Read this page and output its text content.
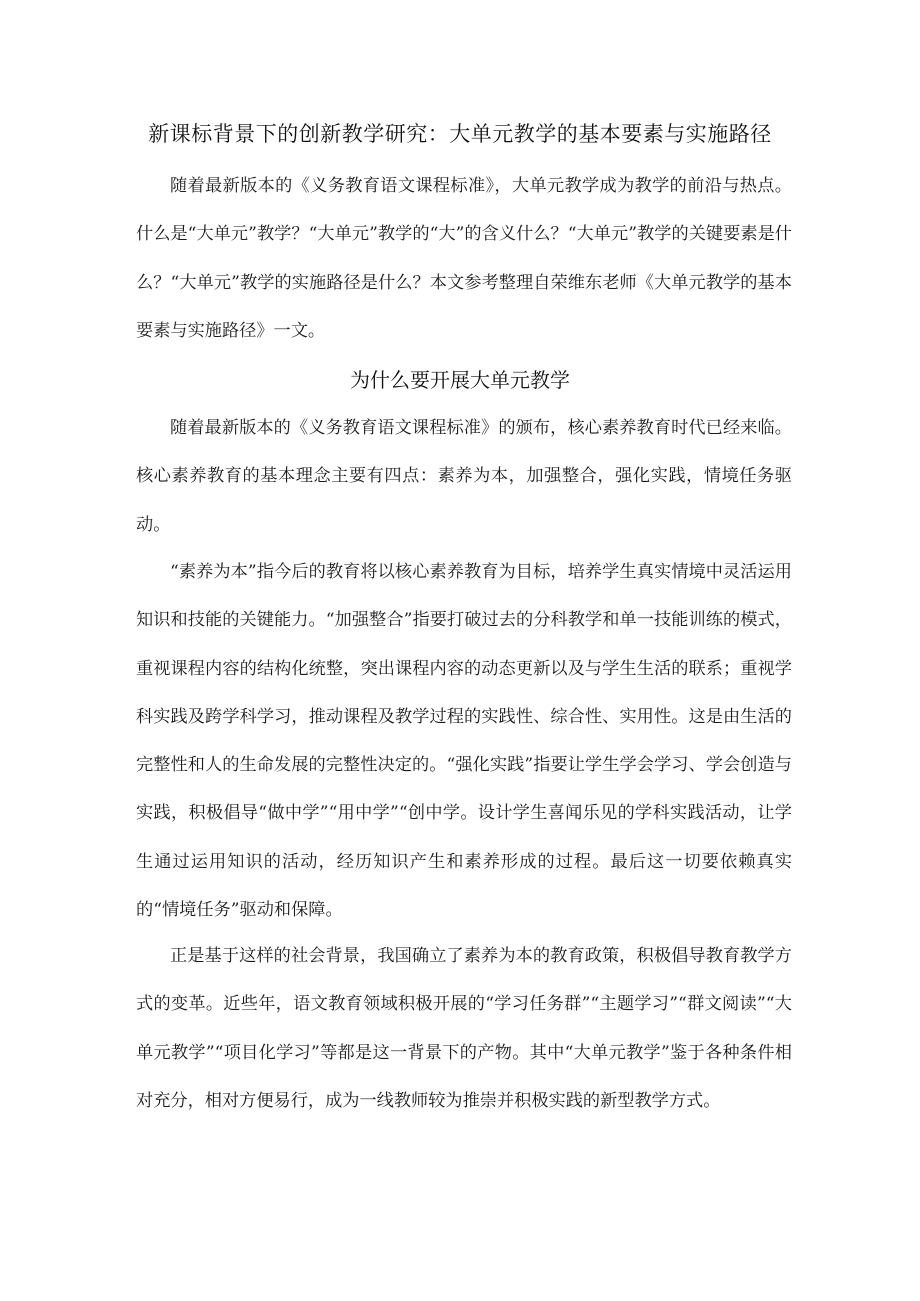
新课标背景下的创新教学研究：大单元教学的基本要素与实施路径

随着最新版本的《义务教育语文课程标准》，大单元教学成为教学的前沿与热点。什么是“大单元”教学？“大单元”教学的“大”的含义什么？“大单元”教学的关键要素是什么？“大单元”教学的实施路径是什么？本文参考整理自荣维东老师《大单元教学的基本要素与实施路径》一文。

为什么要开展大单元教学

随着最新版本的《义务教育语文课程标准》的颁布，核心素养教育时代已经来临。核心素养教育的基本理念主要有四点：素养为本，加强整合，强化实践，情境任务驱动。

“素养为本”指今后的教育将以核心素养教育为目标，培养学生真实情境中灵活运用知识和技能的关键能力。“加强整合”指要打破过去的分科教学和单一技能训练的模式，重视课程内容的结构化统整，突出课程内容的动态更新以及与学生生活的联系；重视学科实践及跨学科学习，推动课程及教学过程的实践性、综合性、实用性。这是由生活的完整性和人的生命发展的完整性决定的。“强化实践”指要让学生学会学习、学会创造与实践，积极倡导“做中学”“用中学”“创中学。设计学生喜闻乐见的学科实践活动，让学生通过运用知识的活动，经历知识产生和素养形成的过程。最后这一切要依赖真实的“情境任务”驱动和保障。

正是基于这样的社会背景，我国确立了素养为本的教育政策，积极倡导教育教学方式的变革。近些年，语文教育领域积极开展的“学习任务群”“主题学习”“群文阅读”“大单元教学”“项目化学习”等都是这一背景下的产物。其中“大单元教学”鉴于各种条件相对充分，相对方便易行，成为一线教师较为推崇并积极实践的新型教学方式。
